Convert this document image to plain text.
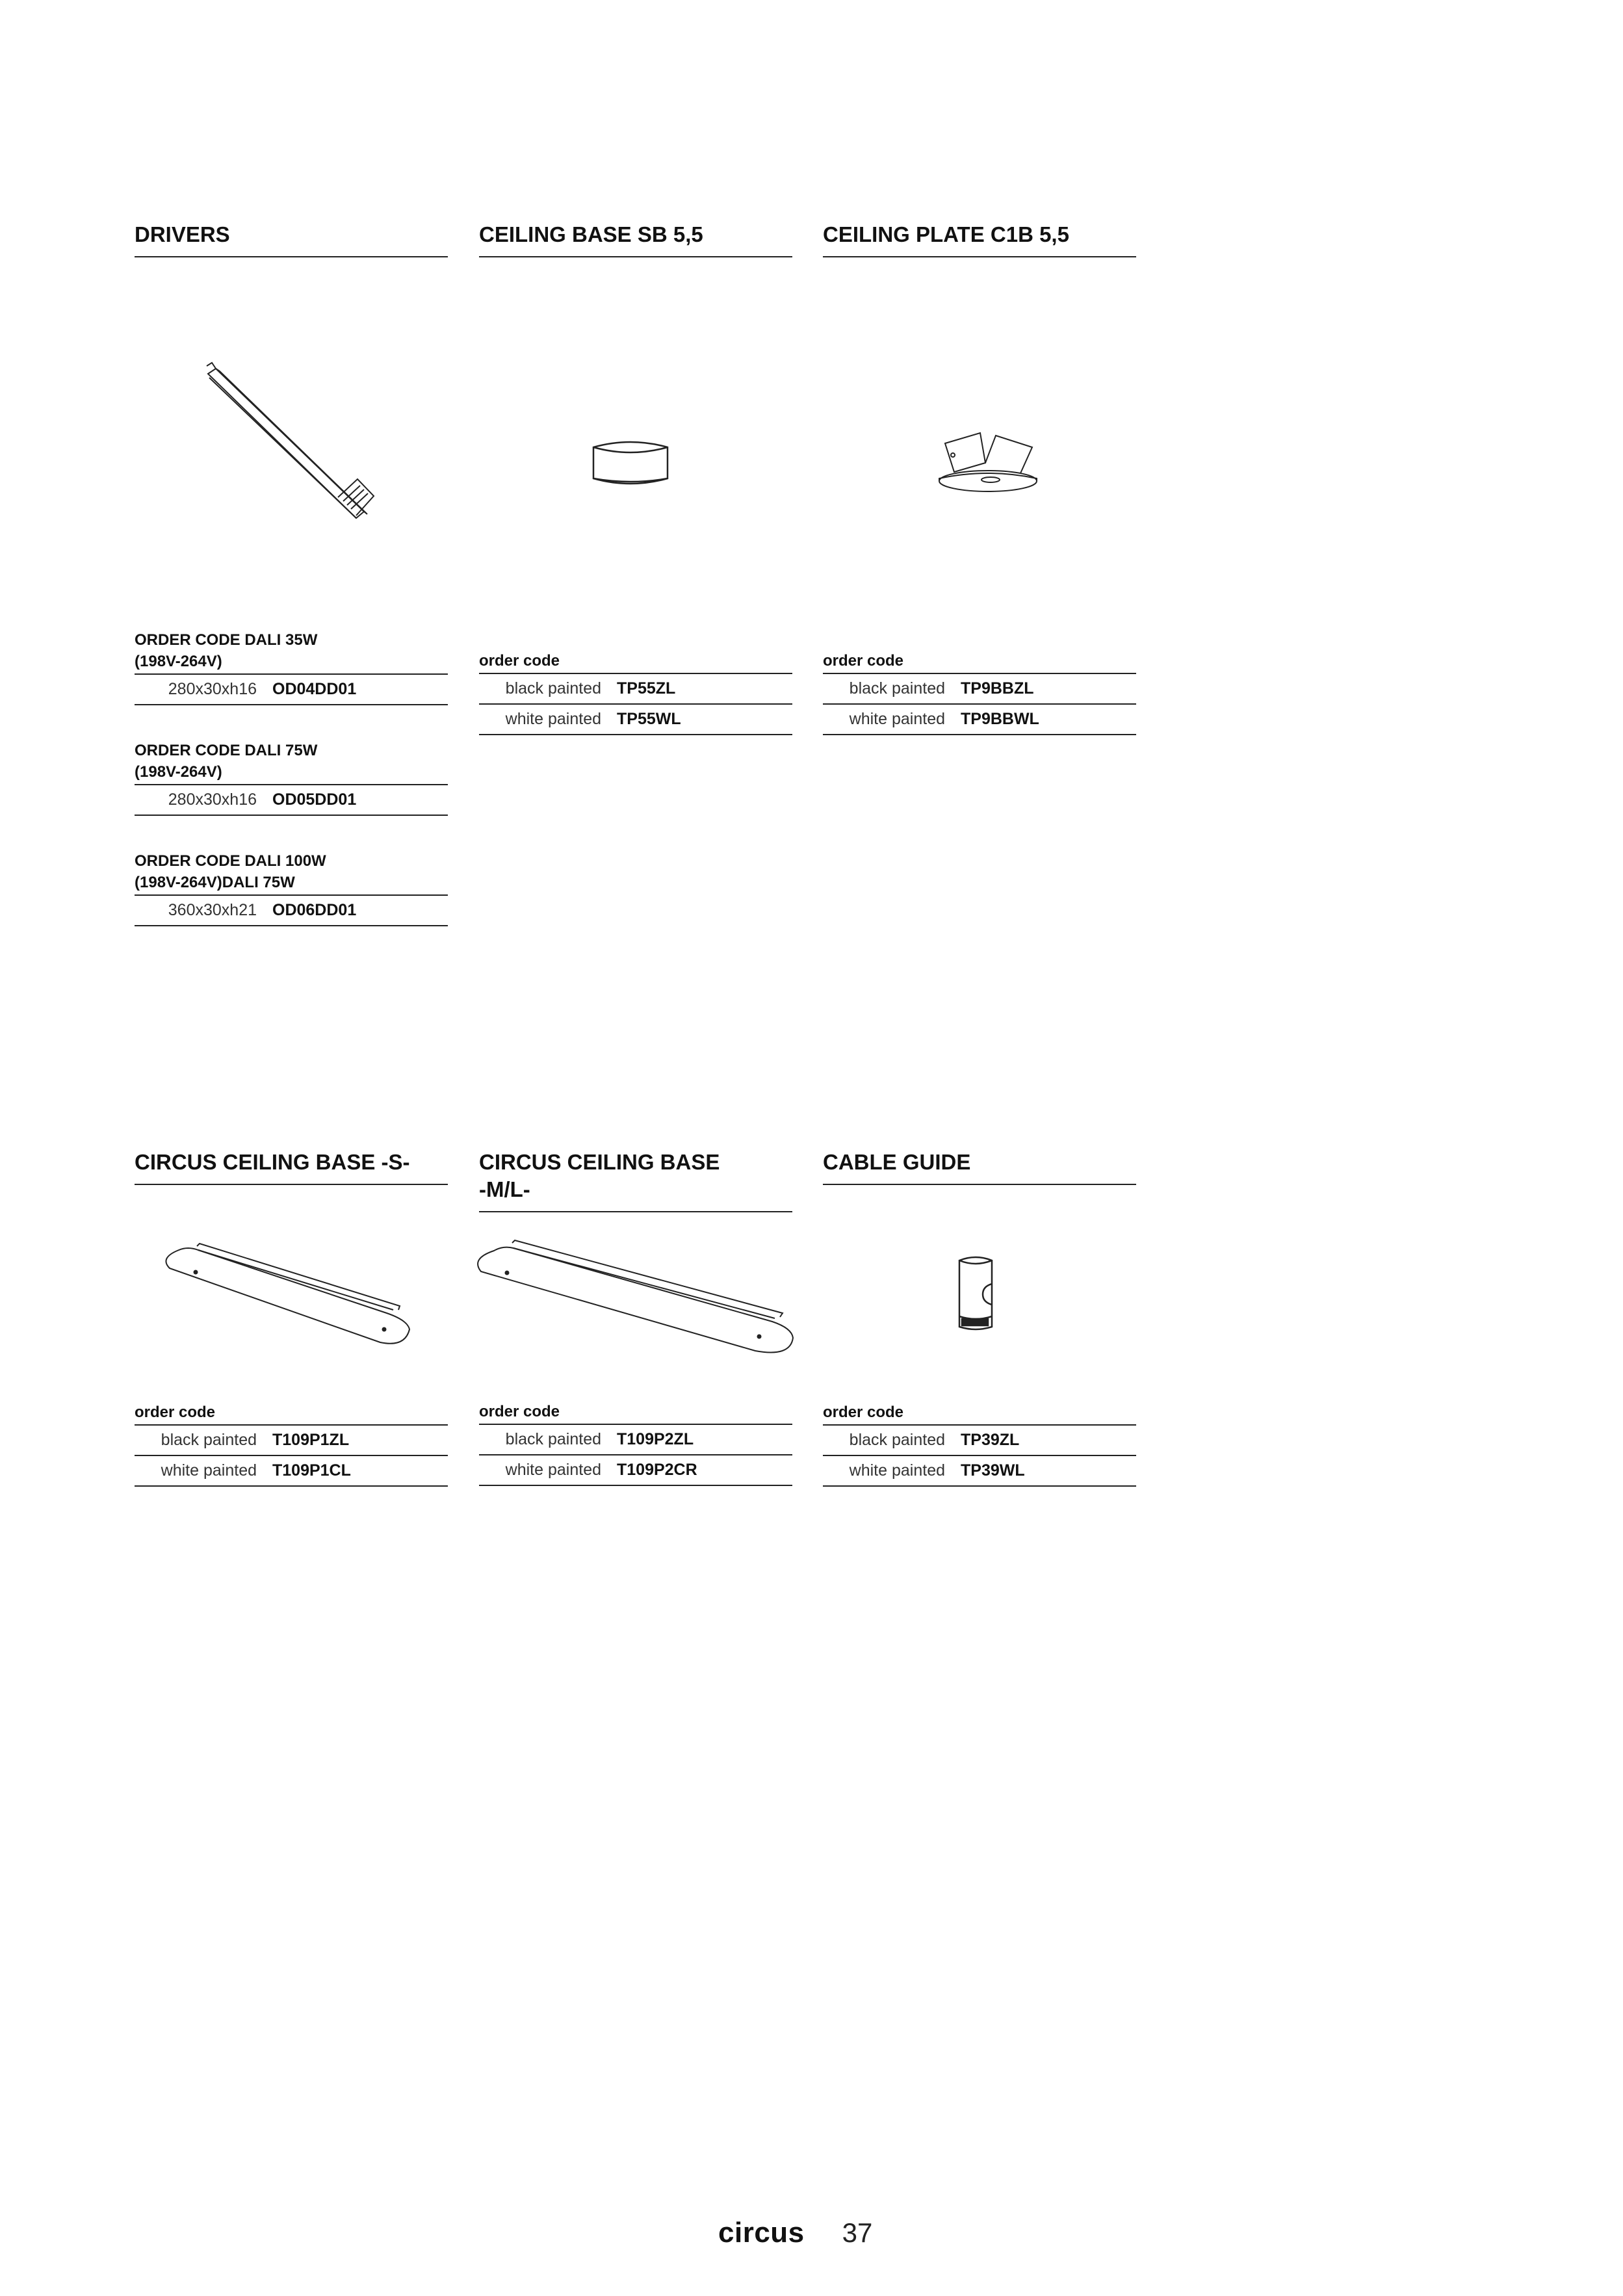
DRIVERS
ORDER CODE DALI 35W
(198V-264V)
280x30xh16 OD04DD01
ORDER CODE DALI 75W
(198V-264V)
280x30xh16 OD05DD01
ORDER CODE DALI 100W
(198V-264V)DALI 75W
360x30xh21 OD06DD01
CEILING BASE SB 5,5
order code
black painted TP55ZL
white painted TP55WL
CEILING PLATE C1B 5,5
order code
black painted TP9BBZL
white painted TP9BBWL
CIRCUS CEILING BASE -S-
order code
black painted T109P1ZL
white painted T109P1CL
CIRCUS CEILING BASE
-M/L-
order code
black painted T109P2ZL
white painted T109P2CR
CABLE GUIDE
order code
black painted TP39ZL
white painted TP39WL
circus 37
